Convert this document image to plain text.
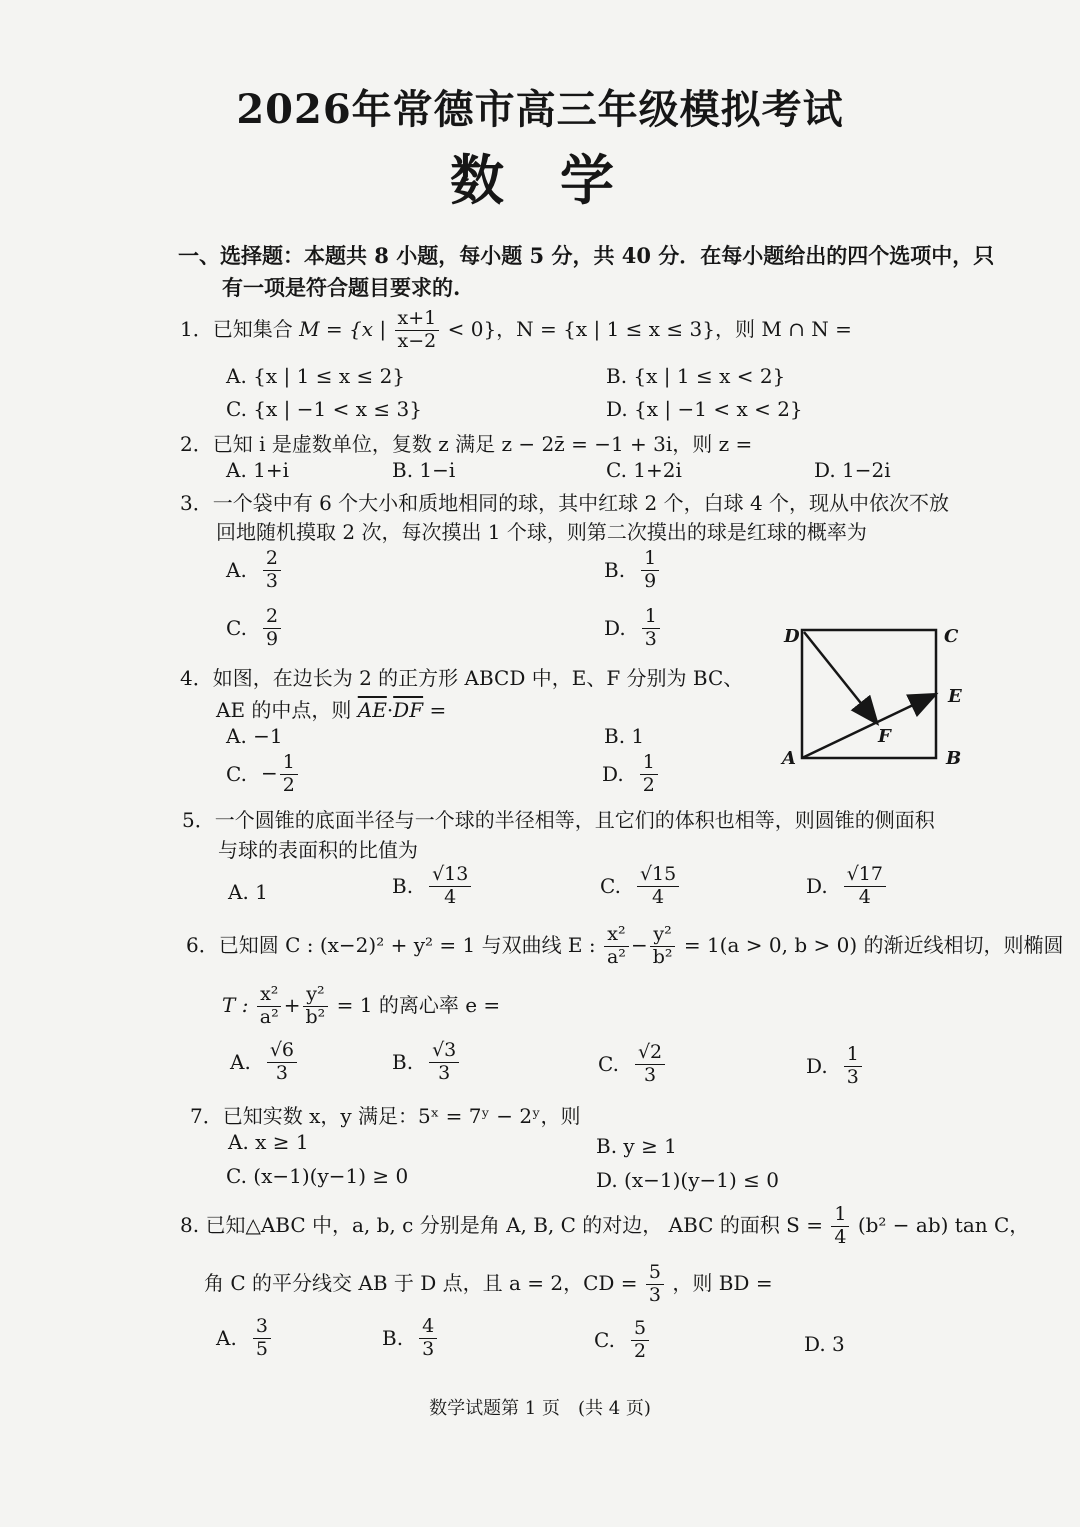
2026年常德市高三年级模拟考试
数学
一、选择题：本题共 8 小题，每小题 5 分，共 40 分．在每小题给出的四个选项中，只
有一项是符合题目要求的.
1．已知集合 M = {x | $\frac{x+1}{x-2} < 0$}，N = {x | 1 ≤ x ≤ 3}，则 M ∩ N =
A. {x | 1 ≤ x ≤ 2}	B. {x | 1 ≤ x < 2}
C. {x | −1 < x ≤ 3}	D. {x | −1 < x < 2}
2．已知 i 是虚数单位，复数 z 满足 z − 2z̄ = −1 + 3i，则 z =
A. 1+i	B. 1−i	C. 1+2i	D. 1−2i
3．一个袋中有 6 个大小和质地相同的球，其中红球 2 个，白球 4 个，现从中依次不放
回地随机摸取 2 次，每次摸出 1 个球，则第二次摸出的球是红球的概率为
A. $\frac{2}{3}$	B. $\frac{1}{9}$
C. $\frac{2}{9}$	D. $\frac{1}{3}$
4．如图，在边长为 2 的正方形 ABCD 中，E、F 分别为 BC、
AE 的中点，则 $\overline{AE}\cdot\overline{DF}$ =
A. −1	B. 1
C. − $\frac{1}{2}$	D. $\frac{1}{2}$
D	C
E
F
A	B
5．一个圆锥的底面半径与一个球的半径相等，且它们的体积也相等，则圆锥的侧面积
与球的表面积的比值为
A. 1	B. $\frac{√13}{4}$	C. $\frac{√15}{4}$	D. $\frac{√17}{4}$
6．已知圆 C : (x−2)² + y² = 1 与双曲线 E : $\frac{\text{x²}}{\text{a²}} - \frac{\text{y²}}{\text{b²}} = 1(a > 0$, b > 0) 的渐近线相切，则椭圆
T : $\frac{\text{x²}}{\text{a²}} + \frac{\text{y²}}{\text{b²}} = 1$ 的离心率 e =
A. $\frac{√6}{3}$	B. $\frac{√3}{3}$	C. $\frac{√2}{3}$	D. $\frac{1}{3}$
7．已知实数 x，y 满足：5ˣ = 7ʸ − 2ʸ，则
A. x ≥ 1	B. y ≥ 1
C. (x−1)(y−1) ≥ 0	D. (x−1)(y−1) ≤ 0
8. 已知△ABC 中，a, b, c 分别是角 A, B, C 的对边， ABC 的面积 $S = \frac{1}{4} (b^2 - ab)$ tan C，
角 C 的平分线交 AB 于 D 点，且 a = 2，CD = $\frac{5}{3}$ ，则 BD =
A. $\frac{3}{5}$	B. $\frac{4}{3}$	C. $\frac{5}{2}$	D. 3
数学试题第 1 页　(共 4 页)
